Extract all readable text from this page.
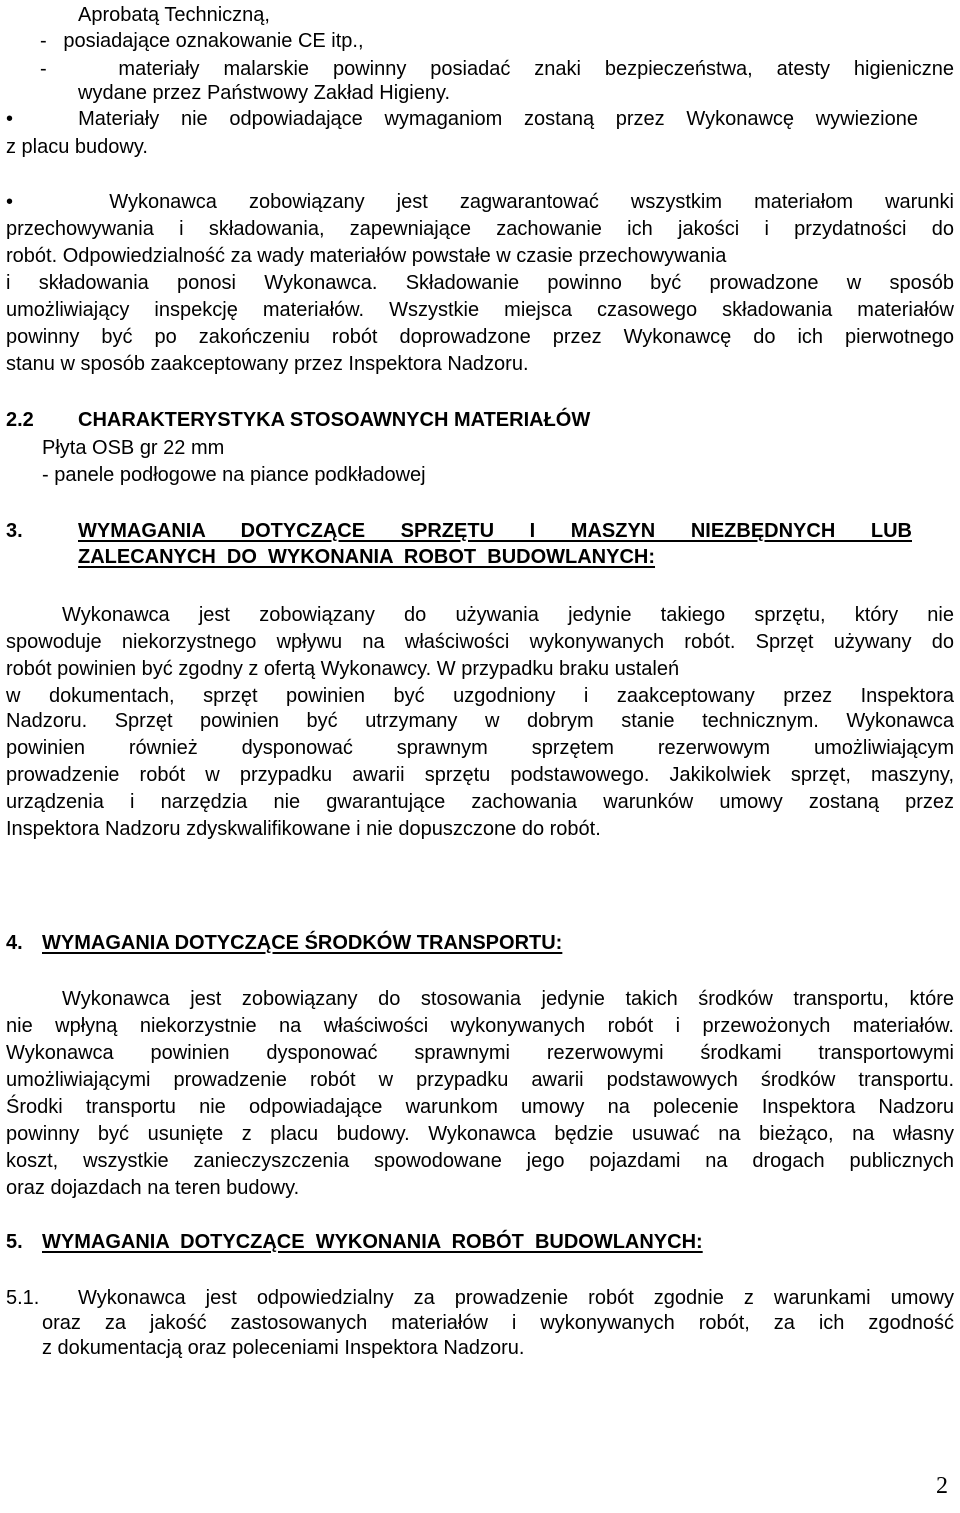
Aprobatą Techniczną,
-   posiadające oznakowanie CE itp.,
-   materiały malarskie powinny posiadać znaki bezpieczeństwa, atesty higieniczne
wydane przez Państwowy Zakład Higieny.
•   Materiały nie odpowiadające wymaganiom zostaną przez Wykonawcę wywiezione
z placu budowy.
•   Wykonawca zobowiązany jest zagwarantować wszystkim materiałom warunki
przechowywania i składowania, zapewniające zachowanie ich jakości i przydatności do
robót. Odpowiedzialność za wady materiałów powstałe w czasie przechowywania
i składowania ponosi Wykonawca. Składowanie powinno być prowadzone w sposób
umożliwiający inspekcję materiałów. Wszystkie miejsca czasowego składowania materiałów
powinny być po zakończeniu robót doprowadzone przez Wykonawcę do ich pierwotnego
stanu w sposób zaakceptowany przez Inspektora Nadzoru.
2.2 CHARAKTERYSTYKA STOSOAWNYCH MATERIAŁÓW
Płyta OSB gr 22 mm
- panele podłogowe na piance podkładowej
3.	WYMAGANIA  DOTYCZĄCE  SPRZĘTU  I  MASZYN  NIEZBĘDNYCH  LUB
ZALECANYCH  DO  WYKONANIA  ROBOT  BUDOWLANYCH:
Wykonawca jest zobowiązany do używania jedynie takiego sprzętu, który nie
spowoduje niekorzystnego wpływu na właściwości wykonywanych robót. Sprzęt używany do
robót powinien być zgodny z ofertą Wykonawcy. W przypadku braku ustaleń
w dokumentach, sprzęt powinien być uzgodniony i zaakceptowany przez Inspektora
Nadzoru. Sprzęt powinien być utrzymany w dobrym stanie technicznym. Wykonawca
powinien również dysponować sprawnym sprzętem rezerwowym umożliwiającym
prowadzenie robót w przypadku awarii sprzętu podstawowego. Jakikolwiek sprzęt, maszyny,
urządzenia i narzędzia nie gwarantujące zachowania warunków umowy zostaną przez
Inspektora Nadzoru zdyskwalifikowane i nie dopuszczone do robót.
4. WYMAGANIA DOTYCZĄCE ŚRODKÓW TRANSPORTU:
Wykonawca jest zobowiązany do stosowania jedynie takich środków transportu, które
nie wpłyną niekorzystnie na właściwości wykonywanych robót i przewożonych materiałów.
Wykonawca powinien dysponować sprawnymi rezerwowymi środkami transportowymi
umożliwiającymi prowadzenie robót w przypadku awarii podstawowych środków transportu.
Środki transportu nie odpowiadające warunkom umowy na polecenie Inspektora Nadzoru
powinny być usunięte z placu budowy. Wykonawca będzie usuwać na bieżąco, na własny
koszt, wszystkie zanieczyszczenia spowodowane jego pojazdami na drogach publicznych
oraz dojazdach na teren budowy.
5. WYMAGANIA  DOTYCZĄCE  WYKONANIA  ROBÓT  BUDOWLANYCH:
5.1. Wykonawca jest odpowiedzialny za prowadzenie robót zgodnie z warunkami umowy
oraz za jakość zastosowanych materiałów i wykonywanych robót, za ich zgodność
z dokumentacją oraz poleceniami Inspektora Nadzoru.
2
